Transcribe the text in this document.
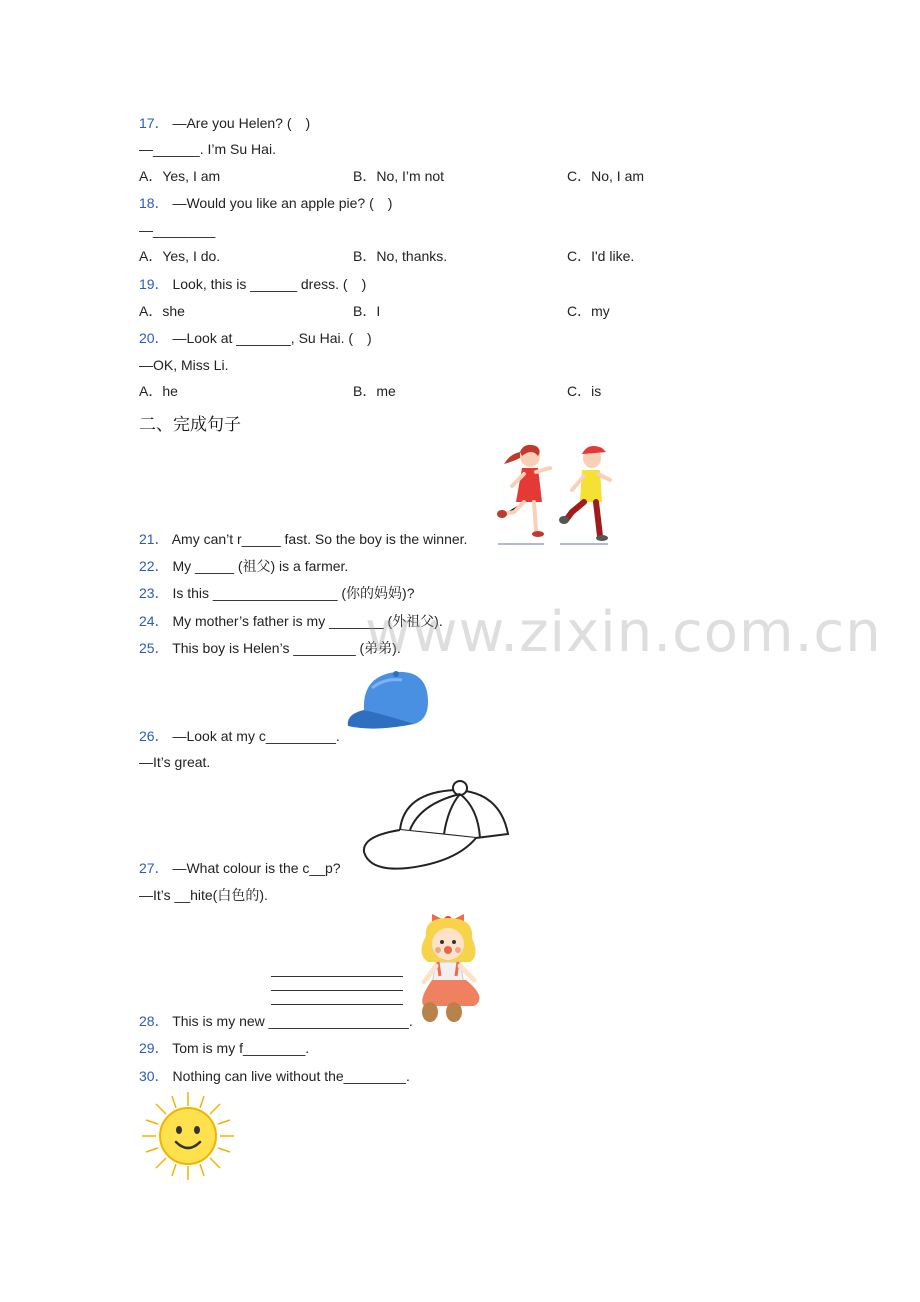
17． —Are you Helen? (　)
—______. I’m Su Hai.
A．Yes, I am	B．No, I’m not	C．No, I am
18． —Would you like an apple pie? (　)
—________
A．Yes, I do.	B．No, thanks.	C．I'd like.
19． Look, this is ______ dress. (　)
A．she	B．I	C．my
20． —Look at _______, Su Hai. (　)
—OK, Miss Li.
A．he	B．me	C．is
二、完成句子
21． Amy can’t r_____ fast. So the boy is the winner.
22． My _____ (祖父) is a farmer.
23． Is this ________________ (你的妈妈)?
24． My mother’s father is my _______ (外祖父).
25． This boy is Helen’s ________ (弟弟).
www.zixin.com.cn
26． —Look at my c_________.
—It’s great.
27． —What colour is the c__p?
—It’s __hite(白色的).
28． This is my new __________________.
29． Tom is my f________.
30． Nothing can live without the________.
